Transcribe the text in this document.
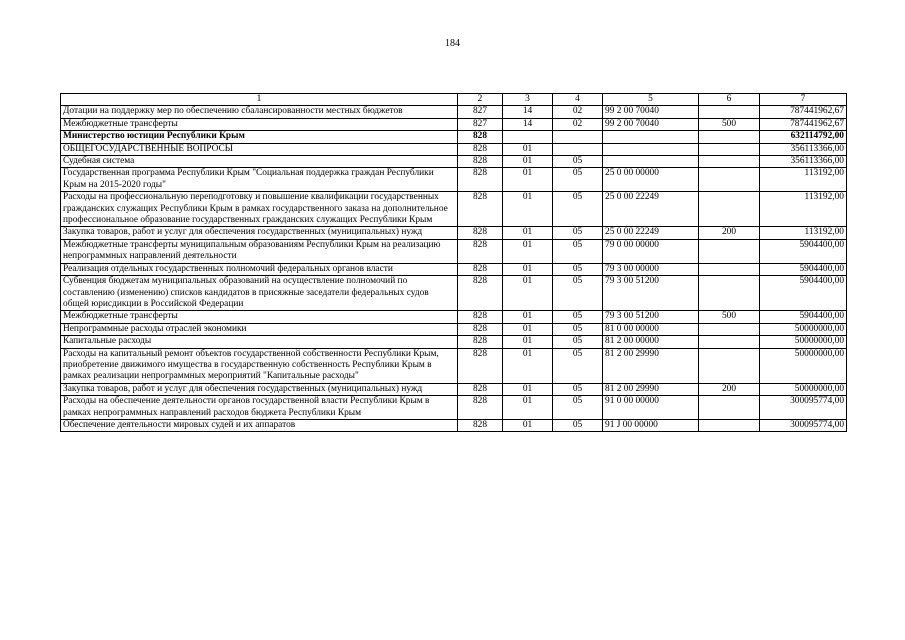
184
1	2	3	4	5	6	7
Дотации на поддержку мер по обеспечению сбалансированности местных бюджетов	827	14	02	99 2 00 70040		787441962,67
Межбюджетные трансферты	827	14	02	99 2 00 70040	500	787441962,67
Министерство юстиции Республики Крым	828					632114792,00
ОБЩЕГОСУДАРСТВЕННЫЕ ВОПРОСЫ	828	01				356113366,00
Судебная система	828	01	05			356113366,00
Государственная программа Республики Крым "Социальная поддержка граждан Республики Крым на 2015-2020 годы"	828	01	05	25 0 00 00000		113192,00
Расходы на профессиональную переподготовку и повышение квалификации государственных гражданских служащих Республики Крым в рамках государственного заказа на дополнительное профессиональное образование государственных гражданских служащих Республики Крым	828	01	05	25 0 00 22249		113192,00
Закупка товаров, работ и услуг для обеспечения государственных (муниципальных) нужд	828	01	05	25 0 00 22249	200	113192,00
Межбюджетные трансферты муниципальным образованиям Республики Крым на реализацию непрограммных направлений деятельности	828	01	05	79 0 00 00000		5904400,00
Реализация отдельных государственных полномочий федеральных органов власти	828	01	05	79 3 00 00000		5904400,00
Субвенция бюджетам муниципальных образований на осуществление полномочий по составлению (изменению) списков кандидатов в присяжные заседатели федеральных судов общей юрисдикции в Российской Федерации	828	01	05	79 3 00 51200		5904400,00
Межбюджетные трансферты	828	01	05	79 3 00 51200	500	5904400,00
Непрограммные расходы отраслей экономики	828	01	05	81 0 00 00000		50000000,00
Капитальные расходы	828	01	05	81 2 00 00000		50000000,00
Расходы на капитальный ремонт объектов государственной собственности Республики Крым, приобретение движимого имущества в государственную собственность Республики Крым в рамках реализации непрограммных мероприятий "Капитальные расходы"	828	01	05	81 2 00 29990		50000000,00
Закупка товаров, работ и услуг для обеспечения государственных (муниципальных) нужд	828	01	05	81 2 00 29990	200	50000000,00
Расходы на обеспечение деятельности органов государственной власти Республики Крым в рамках непрограммных направлений расходов бюджета Республики Крым	828	01	05	91 0 00 00000		300095774,00
Обеспечение деятельности мировых судей и их аппаратов	828	01	05	91 J 00 00000		300095774,00
